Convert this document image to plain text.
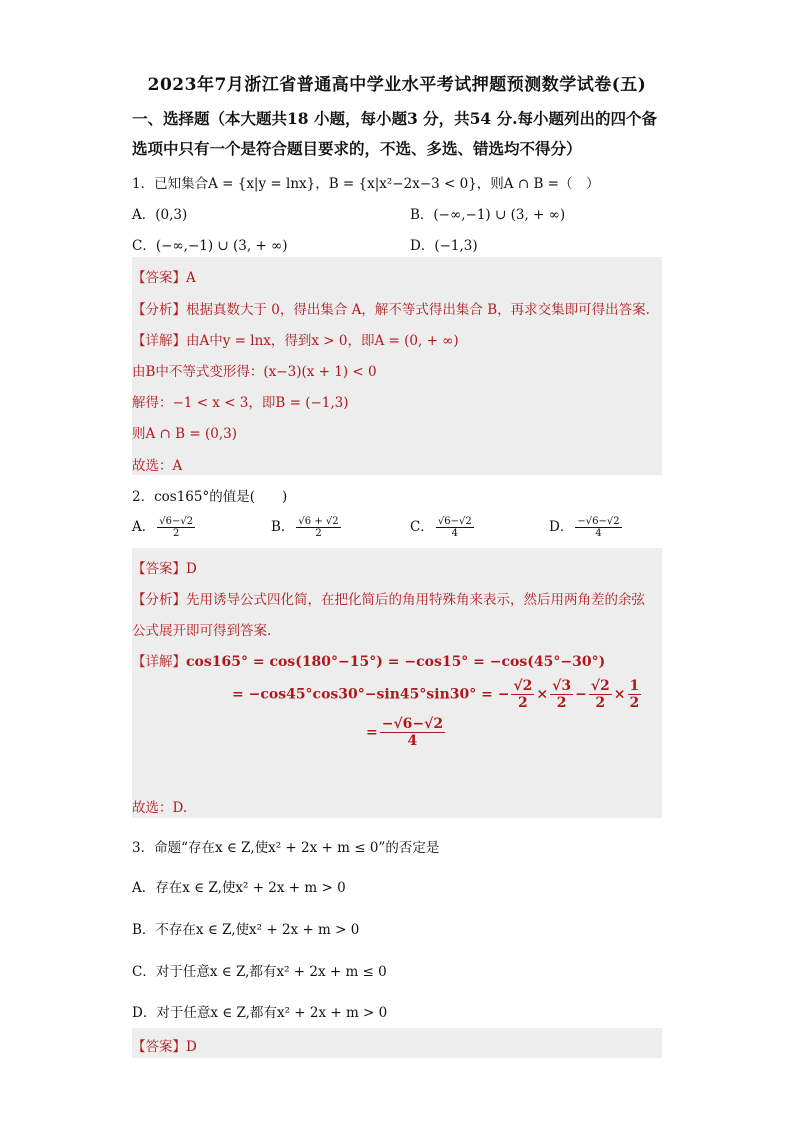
2023年7月浙江省普通高中学业水平考试押题预测数学试卷(五)
一、选择题（本大题共18 小题，每小题3 分，共54 分.每小题列出的四个备
选项中只有一个是符合题目要求的，不选、多选、错选均不得分）
1．已知集合A = {x|y = lnx}，B = {x|x²−2x−3 < 0}，则A ∩ B =（　）
A．(0,3)	B．(−∞,−1) ∪ (3, + ∞)
C．(−∞,−1) ∪ (3, + ∞)	D．(−1,3)
【答案】A
【分析】根据真数大于 0，得出集合 A，解不等式得出集合 B，再求交集即可得出答案.
【详解】由A中y = lnx，得到x > 0，即A = (0, + ∞)
由B中不等式变形得：(x−3)(x + 1) < 0
解得：−1 < x < 3，即B = (−1,3)
则A ∩ B = (0,3)
故选：A
2．cos165°的值是(　　)
A． $\frac{√6-√2}{2}$	B． $\frac{√6 + √2}{2}$	C． $\frac{√6-√2}{4}$	D． $\frac{-√6-√2}{4}$
【答案】D
【分析】先用诱导公式四化简，在把化简后的角用特殊角来表示，然后用两角差的余弦
公式展开即可得到答案.
【详解】cos165° = cos(180°−15°) = −cos15° = −cos(45°−30°)
= −cos45°cos30°−sin45°sin30° = − $\frac{√2}{2} \times \frac{√3}{2} - \frac{√2}{2} \times \frac{1}{2}$
= $\frac{-√6-√2}{4}$
故选：D.
3．命题“存在x ∈ Z,使x² + 2x + m ≤ 0”的否定是
A．存在x ∈ Z,使x² + 2x + m > 0
B．不存在x ∈ Z,使x² + 2x + m > 0
C．对于任意x ∈ Z,都有x² + 2x + m ≤ 0
D．对于任意x ∈ Z,都有x² + 2x + m > 0
【答案】D
